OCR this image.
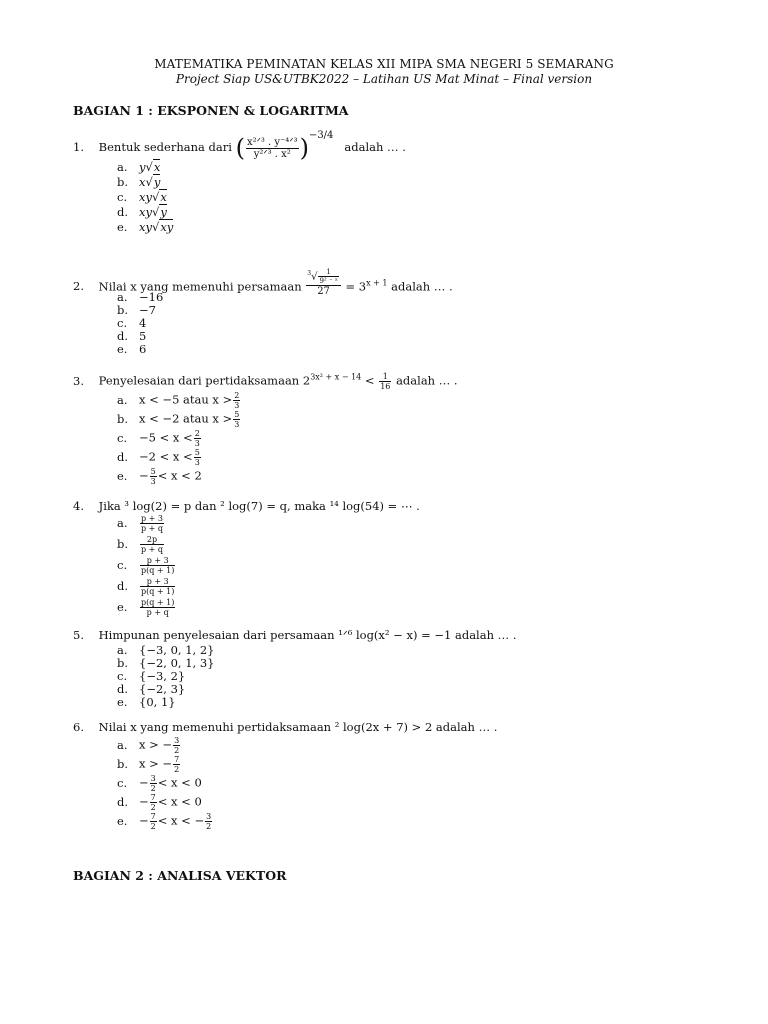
MATEMATIKA PEMINATAN KELAS XII MIPA SMA NEGERI 5 SEMARANG
Project Siap US&UTBK2022 – Latihan US Mat Minat – Final version
BAGIAN 1 : EKSPONEN & LOGARITMA
1. Bentuk sederhana dari ( $\frac{\text{x²ᐟ³ . y⁻⁴ᐟ³}}{\text{y²ᐟ³ . x²}} )^{-3/4}$   adalah … .
a. y√x
b. x√y
c. xy√x
d. xy√y
e. xy√xy
2. Nilai x yang memenuhi persamaan $\frac{^3√ \frac{1}{\text{9² ⁻ ˣ}}}{27} = 3^{x + 1}$ adalah … .
a. −16
b. −7
c. 4
d. 5
e. 6
3. Penyelesaian dari pertidaksamaan $2^{3x^2 + x - 14} < \frac{1}{16}$ adalah … .
a. x < −5 atau $x > \frac{2}{3}$
b. x < −2 atau $x > \frac{5}{3}$
c. $-5 < x < \frac{2}{3}$
d. $-2 < x < \frac{5}{3}$
e. − $\frac{5}{3} < x < 2$
4. Jika ³ log(2) = p dan ² log(7) = q, maka ¹⁴ log(54) = ⋯ .
a. $\frac{p + 3}{p + q}$
b. $\frac{2p}{p + q}$
c. $\frac{p + 3}{p(q + 1)}$
d. $\frac{p + 3}{p(q + 1)}$
e. $\frac{p(q + 1)}{p + q}$
5. Himpunan penyelesaian dari persamaan ¹ᐟ⁶ log(x² − x) = −1 adalah … .
a. {−3, 0, 1, 2}
b. {−2, 0, 1, 3}
c. {−3, 2}
d. {−2, 3}
e. {0, 1}
6. Nilai x yang memenuhi pertidaksamaan ² log(2x + 7) > 2 adalah … .
a. x > − $\frac{3}{2}$
b. x > − $\frac{7}{2}$
c. − $\frac{3}{2} < x < 0$
d. − $\frac{7}{2} < x < 0$
e. − $\frac{7}{2} < x$ < − $\frac{3}{2}$
BAGIAN 2 : ANALISA VEKTOR
